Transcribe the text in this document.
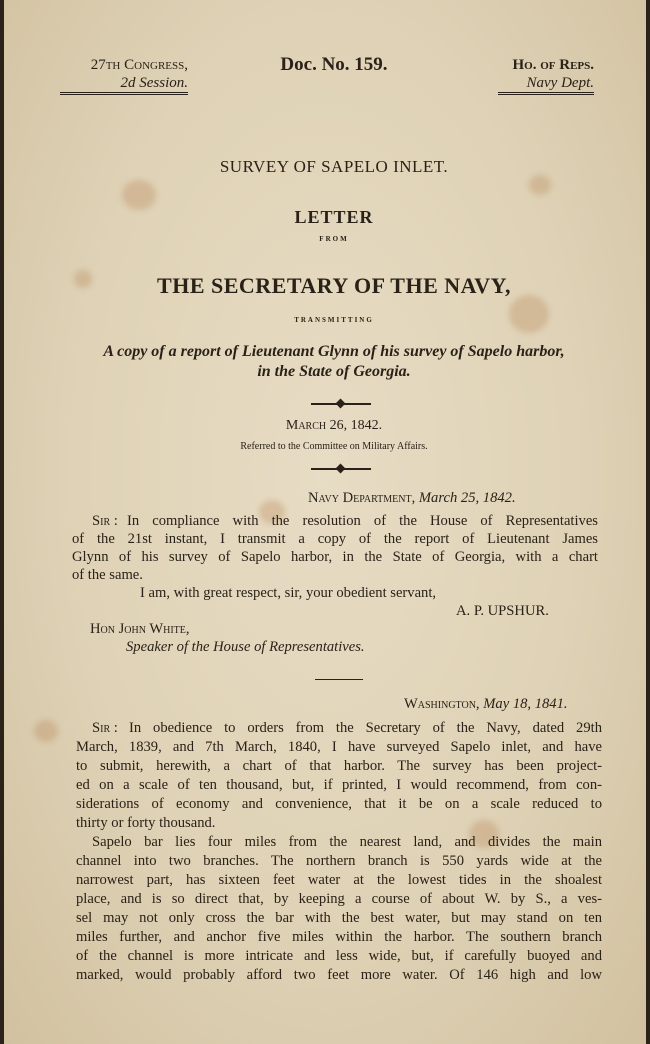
27th Congress,
2d Session.
Doc. No. 159.	Ho. of Reps.
Navy Dept.
SURVEY OF SAPELO INLET.
LETTER
FROM
THE SECRETARY OF THE NAVY,
TRANSMITTING
A copy of a report of Lieutenant Glynn of his survey of Sapelo harbor,
in the State of Georgia.
March 26, 1842.
Referred to the Committee on Military Affairs.
Navy Department, March 25, 1842.
Sir : In compliance with the resolution of the House of Representatives
of the 21st instant, I transmit a copy of the report of Lieutenant James
Glynn of his survey of Sapelo harbor, in the State of Georgia, with a chart
of the same.
I am, with great respect, sir, your obedient servant,
A. P. UPSHUR.
Hon John White,
Speaker of the House of Representatives.
Washington, May 18, 1841.
Sir : In obedience to orders from the Secretary of the Navy, dated 29th
March, 1839, and 7th March, 1840, I have surveyed Sapelo inlet, and have
to submit, herewith, a chart of that harbor. The survey has been project-
ed on a scale of ten thousand, but, if printed, I would recommend, from con-
siderations of economy and convenience, that it be on a scale reduced to
thirty or forty thousand.
Sapelo bar lies four miles from the nearest land, and divides the main
channel into two branches. The northern branch is 550 yards wide at the
narrowest part, has sixteen feet water at the lowest tides in the shoalest
place, and is so direct that, by keeping a course of about W. by S., a ves-
sel may not only cross the bar with the best water, but may stand on ten
miles further, and anchor five miles within the harbor. The southern branch
of the channel is more intricate and less wide, but, if carefully buoyed and
marked, would probably afford two feet more water. Of 146 high and low
